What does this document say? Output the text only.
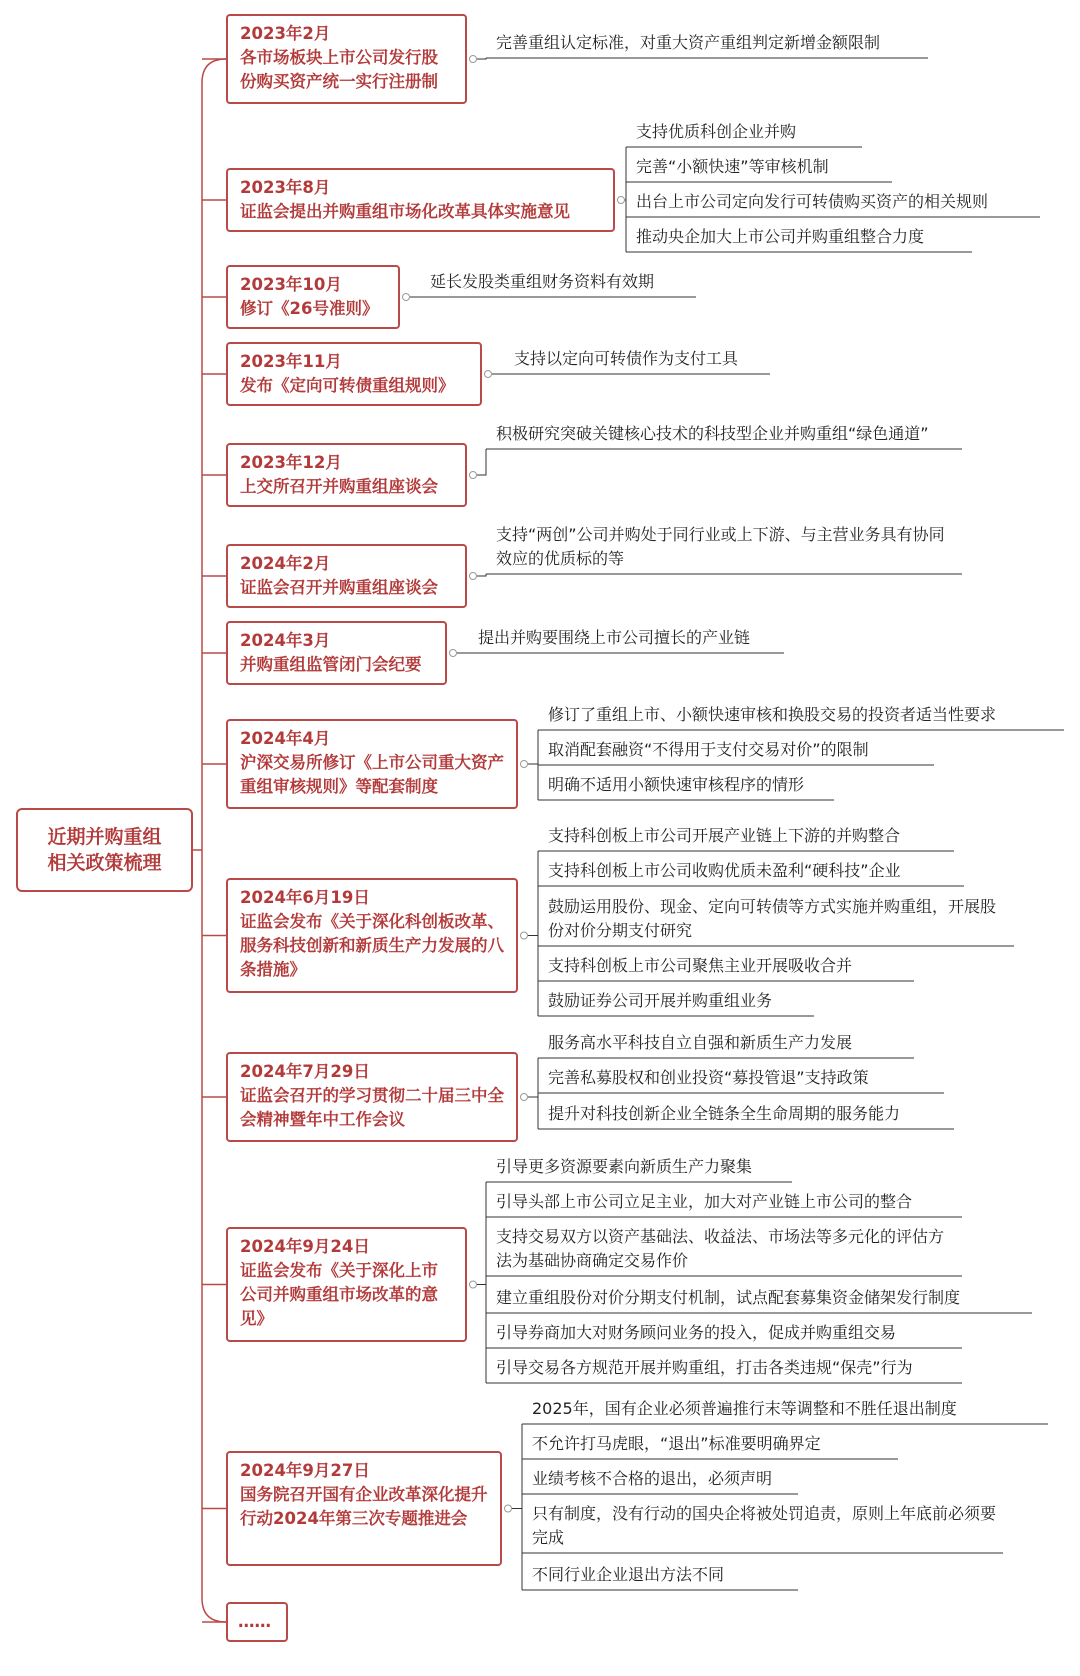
近期并购重组
相关政策梳理
2023年2月
各市场板块上市公司发行股份购买资产统一实行注册制
完善重组认定标准，对重大资产重组判定新增金额限制
2023年8月
证监会提出并购重组市场化改革具体实施意见
支持优质科创企业并购
完善“小额快速”等审核机制
出台上市公司定向发行可转债购买资产的相关规则
推动央企加大上市公司并购重组整合力度
2023年10月
修订《26号准则》
延长发股类重组财务资料有效期
2023年11月
发布《定向可转债重组规则》
支持以定向可转债作为支付工具
2023年12月
上交所召开并购重组座谈会
积极研究突破关键核心技术的科技型企业并购重组“绿色通道”
2024年2月
证监会召开并购重组座谈会
支持“两创”公司并购处于同行业或上下游、与主营业务具有协同效应的优质标的等
2024年3月
并购重组监管闭门会纪要
提出并购要围绕上市公司擅长的产业链
2024年4月
沪深交易所修订《上市公司重大资产重组审核规则》等配套制度
修订了重组上市、小额快速审核和换股交易的投资者适当性要求
取消配套融资“不得用于支付交易对价”的限制
明确不适用小额快速审核程序的情形
2024年6月19日
证监会发布《关于深化科创板改革、服务科技创新和新质生产力发展的八条措施》
支持科创板上市公司开展产业链上下游的并购整合
支持科创板上市公司收购优质未盈利“硬科技”企业
鼓励运用股份、现金、定向可转债等方式实施并购重组，开展股份对价分期支付研究
支持科创板上市公司聚焦主业开展吸收合并
鼓励证券公司开展并购重组业务
2024年7月29日
证监会召开的学习贯彻二十届三中全会精神暨年中工作会议
服务高水平科技自立自强和新质生产力发展
完善私募股权和创业投资“募投管退”支持政策
提升对科技创新企业全链条全生命周期的服务能力
2024年9月24日
证监会发布《关于深化上市公司并购重组市场改革的意见》
引导更多资源要素向新质生产力聚集
引导头部上市公司立足主业，加大对产业链上市公司的整合
支持交易双方以资产基础法、收益法、市场法等多元化的评估方法为基础协商确定交易作价
建立重组股份对价分期支付机制，试点配套募集资金储架发行制度
引导券商加大对财务顾问业务的投入，促成并购重组交易
引导交易各方规范开展并购重组，打击各类违规“保壳”行为
2024年9月27日
国务院召开国有企业改革深化提升行动2024年第三次专题推进会
2025年，国有企业必须普遍推行末等调整和不胜任退出制度
不允许打马虎眼，“退出”标准要明确界定
业绩考核不合格的退出，必须声明
只有制度，没有行动的国央企将被处罚追责，原则上年底前必须要完成
不同行业企业退出方法不同
……
